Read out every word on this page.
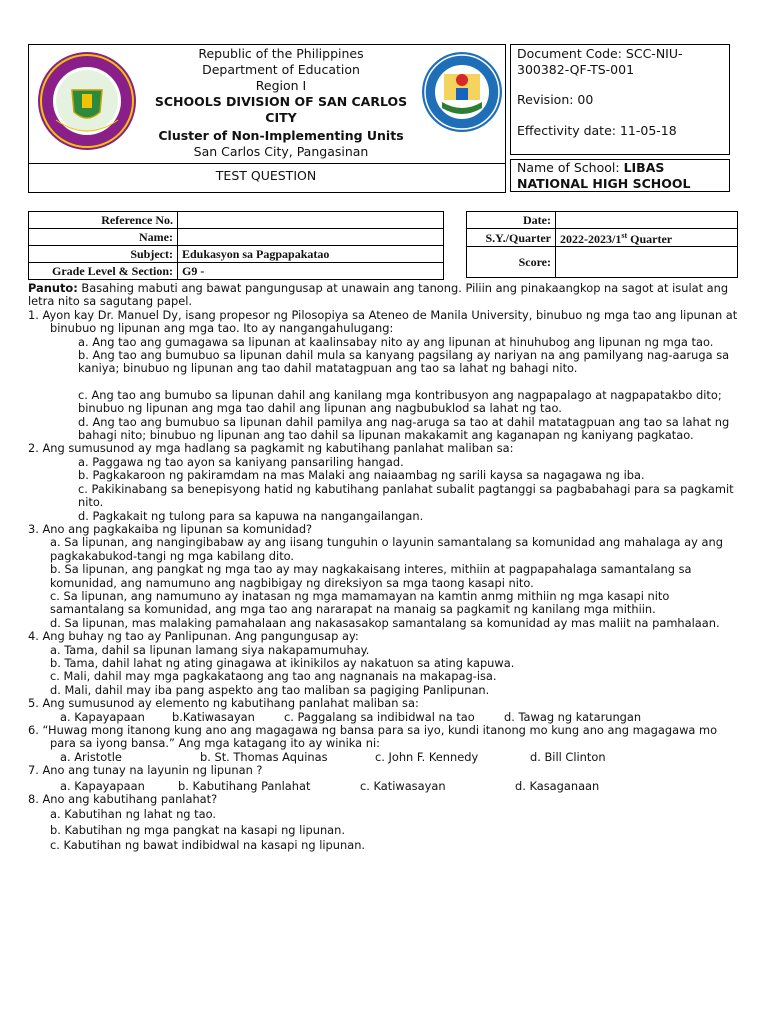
Republic of the Philippines
Department of Education
Region I
SCHOOLS DIVISION OF SAN CARLOS CITY
Cluster of Non-Implementing Units
San Carlos City, Pangasinan
TEST QUESTION
Document Code: SCC-NIU-300382-QF-TS-001
Revision: 00
Effectivity date: 11-05-18
Name of School: LIBAS NATIONAL HIGH SCHOOL
Reference No.	
Name:	
Subject:	Edukasyon sa Pagpapakatao
Grade Level & Section:	G9 -
Date:	
S.Y./Quarter	2022-2023/1st Quarter
Score:	

Panuto: Basahing mabuti ang bawat pangungusap at unawain ang tanong. Piliin ang pinakaangkop na sagot at isulat ang letra nito sa sagutang papel.

1. Ayon kay Dr. Manuel Dy, isang propesor ng Pilosopiya sa Ateneo de Manila University, binubuo ng mga tao ang lipunan at binubuo ng lipunan ang mga tao. Ito ay nangangahulugang:

a. Ang tao ang gumagawa sa lipunan at kaalinsabay nito ay ang lipunan at hinuhubog ang lipunan ng mga tao.

b. Ang tao ang bumubuo sa lipunan dahil mula sa kanyang pagsilang ay nariyan na ang pamilyang nag-aaruga sa kaniya; binubuo ng lipunan ang tao dahil matatagpuan ang tao sa lahat ng bahagi nito.

c. Ang tao ang bumubo sa lipunan dahil ang kanilang mga kontribusyon ang nagpapalago at nagpapatakbo dito; binubuo ng lipunan ang mga tao dahil ang lipunan ang nagbubuklod sa lahat ng tao.

d. Ang tao ang bumubuo sa lipunan dahil pamilya ang nag-aruga sa tao at dahil matatagpuan ang tao sa lahat ng bahagi nito; binubuo ng lipunan ang tao dahil sa lipunan makakamit ang kaganapan ng kaniyang pagkatao.

2. Ang sumusunod ay mga hadlang sa pagkamit ng kabutihang panlahat maliban sa:

a. Paggawa ng tao ayon sa kaniyang pansariling hangad.

b. Pagkakaroon ng pakiramdam na mas Malaki ang naiaambag ng sarili kaysa sa nagagawa ng iba.

c. Pakikinabang sa benepisyong hatid ng kabutihang panlahat subalit pagtanggi sa pagbabahagi para sa pagkamit nito.

d. Pagkakait ng tulong para sa kapuwa na nangangailangan.

3. Ano ang pagkakaiba ng lipunan sa komunidad?

a. Sa lipunan, ang nangingibabaw ay ang iisang tunguhin o layunin samantalang sa komunidad ang mahalaga ay ang pagkakabukod-tangi ng mga kabilang dito.

b. Sa lipunan, ang pangkat ng mga tao ay may nagkakaisang interes, mithiin at pagpapahalaga samantalang sa komunidad, ang namumuno ang nagbibigay ng direksiyon sa mga taong kasapi nito.

c. Sa lipunan, ang namumuno ay inatasan ng mga mamamayan na kamtin anmg mithiin ng mga kasapi nito samantalang sa komunidad, ang mga tao ang nararapat na manaig sa pagkamit ng kanilang mga mithiin.

d. Sa lipunan, mas malaking pamahalaan ang nakasasakop samantalang sa komunidad ay mas maliit na pamhalaan.

4. Ang buhay ng tao ay Panlipunan. Ang pangungusap ay:

a. Tama, dahil sa lipunan lamang siya nakapamumuhay.

b. Tama, dahil lahat ng ating ginagawa at ikinikilos ay nakatuon sa ating kapuwa.

c. Mali, dahil may mga pagkakataong ang tao ang nagnanais na makapag-isa.

d. Mali, dahil may iba pang aspekto ang tao maliban sa pagiging Panlipunan.

5. Ang sumusunod ay elemento ng kabutihang panlahat maliban sa:

a. Kapayapaan	b.Katiwasayan	c. Paggalang sa indibidwal na tao	d. Tawag ng katarungan

6. “Huwag mong itanong kung ano ang magagawa ng bansa para sa iyo, kundi itanong mo kung ano ang magagawa mo para sa iyong bansa.” Ang mga katagang ito ay winika ni:

a. Aristotle	b. St. Thomas Aquinas	c. John F. Kennedy	d. Bill Clinton

7. Ano ang tunay na layunin ng lipunan ?

a. Kapayapaan	b. Kabutihang Panlahat	c. Katiwasayan	d. Kasaganaan

8. Ano ang kabutihang panlahat?

a. Kabutihan ng lahat ng tao.

b. Kabutihan ng mga pangkat na kasapi ng lipunan.

c. Kabutihan ng bawat indibidwal na kasapi ng lipunan.
